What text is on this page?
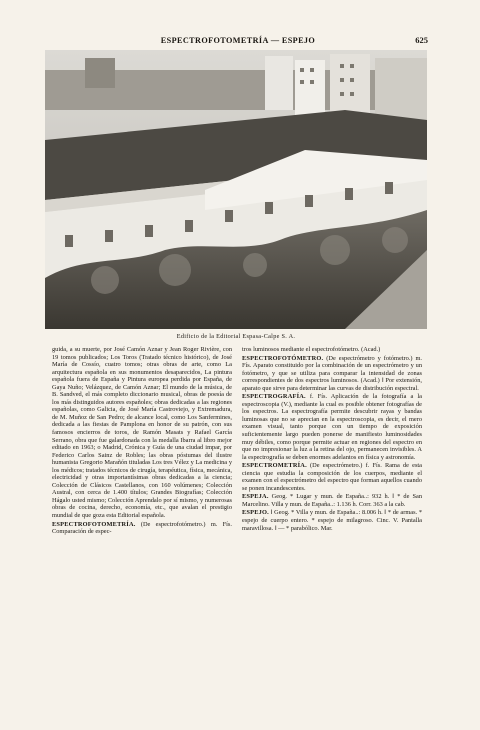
ESPECTROFOTOMETRÍA — ESPEJO	625
Edificio de la Editorial Espasa-Calpe S. A.

guida, a su muerte, por José Camón Aznar y Jean Roger Rivière, con 19 tomos publicados; Los Toros (Tratado técnico histórico), de José María de Cossío, cuatro tomos; otras obras de arte, como La arquitectura española en sus monumentos desaparecidos, La pintura española fuera de España y Pintura europea perdida por España, de Gaya Nuño; Velázquez, de Camón Aznar; El mundo de la música, de B. Sandved, el más completo diccionario musical, obras de poesía de los más distinguidos autores españoles; obras dedicadas a las regiones españolas, como Galicia, de José María Castroviejo, y Extremadura, de M. Muñoz de San Pedro; de alcance local, como Los Sanfermines, dedicada a las fiestas de Pamplona en honor de su patrón, con sus famosos encierros de toros, de Ramón Masats y Rafael García Serrano, obra que fue galardonada con la medalla Ibarra al libro mejor editado en 1963; o Madrid, Crónica y Guía de una ciudad impar, por Federico Carlos Sainz de Robles; las obras póstumas del ilustre humanista Gregorio Marañón tituladas Los tres Vélez y La medicina y los médicos; tratados técnicos de cirugía, terapéutica, física, mecánica, electricidad y otras importantísimas obras dedicadas a la ciencia; Colección de Clásicos Castellanos, con 160 volúmenes; Colección Austral, con cerca de 1.400 títulos; Grandes Biografías; Colección Hágalo usted mismo; Colección Aprendalo por sí mismo, y numerosas obras de cocina, derecho, economía, etc., que avalan el prestigio mundial de que goza esta Editorial española.

ESPECTROFOTOMETRÍA. (De espectrofotómetro.) m. Fís. Comparación de espec-

tros luminosos mediante el espectrofotómetro. (Acad.)

ESPECTROFOTÓMETRO. (De espectrómetro y fotómetro.) m. Fís. Aparato constituido por la combinación de un espectrómetro y un fotómetro, y que se utiliza para comparar la intensidad de zonas correspondientes de dos espectros luminosos. (Acad.) ‖ Por extensión, aparato que sirve para determinar las curvas de distribución espectral.

ESPECTROGRAFÍA. f. Fís. Aplicación de la fotografía a la espectroscopia (V.), mediante la cual es posible obtener fotografías de los espectros. La espectrografía permite descubrir rayas y bandas luminosas que no se aprecian en la espectroscopia, es decir, el mero examen visual, tanto porque con un tiempo de exposición suficientemente largo pueden ponerse de manifiesto luminosidades muy débiles, como porque permite actuar en regiones del espectro en que no impresionar la luz a la retina del ojo, permanecen invisibles. A la espectrografía se deben enormes adelantos en física y astronomía.

ESPECTROMETRÍA. (De espectrómetro.) f. Fís. Rama de esta ciencia que estudia la composición de los cuerpos, mediante el examen con el espectrómetro del espectro que forman aquellos cuando se ponen incandescentes.

ESPEJA. Geog. * Lugar y mun. de España..: 932 h. ‖ * de San Marcelino. Villa y mun. de España..: 1.136 h. Corr. 363 a la cab.

ESPEJO. ‖ Geog. * Villa y mun. de España..: 8.006 h. ‖ * de armas. * espejo de cuerpo entero. * espejo de milagroso. Cinc. V. Pantalla maravillosa. ‖ — * parabólico. Mar.
